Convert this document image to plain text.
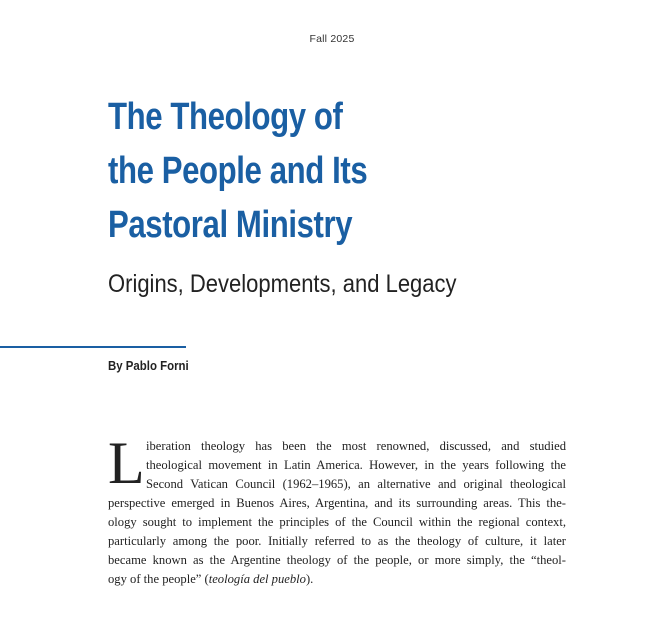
Fall 2025
The Theology of
the People and Its
Pastoral Ministry
Origins, Developments, and Legacy
By Pablo Forni
L iberation theology has been the most renowned, discussed, and studied
theological movement in Latin America. However, in the years following the
Second Vatican Council (1962–1965), an alternative and original theological
perspective emerged in Buenos Aires, Argentina, and its surrounding areas. This the-
ology sought to implement the principles of the Council within the regional context,
particularly among the poor. Initially referred to as the theology of culture, it later
became known as the Argentine theology of the people, or more simply, the “theol-
ogy of the people” (teología del pueblo).
